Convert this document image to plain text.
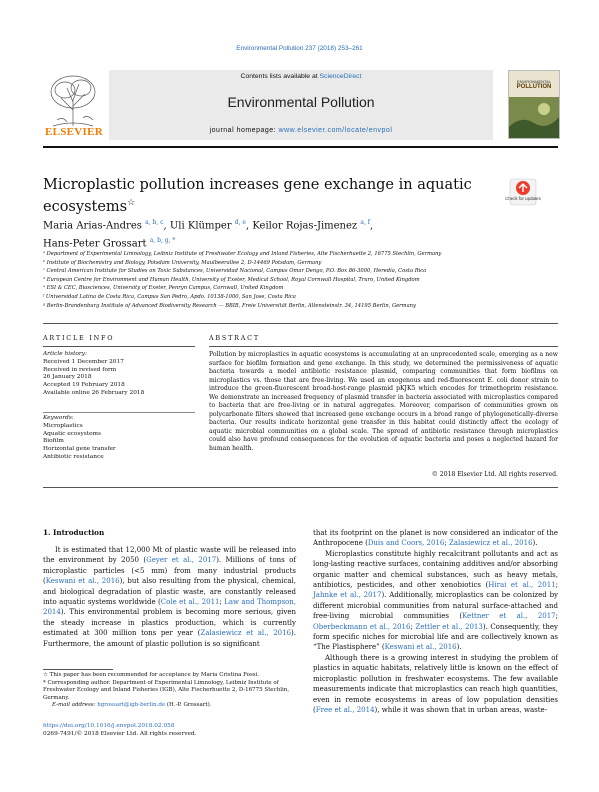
Environmental Pollution 237 (2018) 253–261
ELSEVIER
Contents lists available at ScienceDirect
Environmental Pollution
journal homepage: www.elsevier.com/locate/envpol
ENVIRONMENTAL
POLLUTION
Microplastic pollution increases gene exchange in aquatic
ecosystems☆	Check for updates
Maria Arias-Andres $^{a, b, c}$, Uli Klümper $^{d, e}$, Keilor Rojas-Jimenez $^{a, f}$,
Hans-Peter Grossart $^{a, b, g, *}$
ᵃ Department of Experimental Limnology, Leibniz Institute of Freshwater Ecology and Inland Fisheries, Alte Fischerhuette 2, 16775 Stechlin, Germany
ᵇ Institute of Biochemistry and Biology, Potsdam University, Maulbeerallee 2, D-14469 Potsdam, Germany
ᶜ Central American Institute for Studies on Toxic Substances, Universidad Nacional, Campus Omar Dengo, P.O. Box 86-3000, Heredia, Costa Rica
ᵈ European Centre for Environment and Human Health, University of Exeter, Medical School, Royal Cornwall Hospital, Truro, United Kingdom
ᵉ ESI & CEC, Biosciences, University of Exeter, Penryn Campus, Cornwall, United Kingdom
ᶠ Universidad Latina de Costa Rica, Campus San Pedro, Apdo. 10138-1000, San Jose, Costa Rica
ᵍ Berlin-Brandenburg Institute of Advanced Biodiversity Research — BBIB, Freie Universität Berlin, Altensteinstr. 34, 14195 Berlin, Germany
ARTICLE INFO	ABSTRACT
Article history:
Received 1 December 2017
Received in revised form
26 January 2018
Accepted 19 February 2018
Available online 26 February 2018
Keywords:
Microplastics
Aquatic ecosystems
Biofilm
Horizontal gene transfer
Antibiotic resistance
Pollution by microplastics in aquatic ecosystems is accumulating at an unprecedented scale, emerging as a new surface for biofilm formation and gene exchange. In this study, we determined the permissiveness of aquatic bacteria towards a model antibiotic resistance plasmid, comparing communities that form biofilms on microplastics vs. those that are free-living. We used an exogenous and red-fluorescent E. coli donor strain to introduce the green-fluorescent broad-host-range plasmid pKJK5 which encodes for trimethoprim resistance. We demonstrate an increased frequency of plasmid transfer in bacteria associated with microplastics compared to bacteria that are free-living or in natural aggregates. Moreover, comparison of communities grown on polycarbonate filters showed that increased gene exchange occurs in a broad range of phylogenetically-diverse bacteria. Our results indicate horizontal gene transfer in this habitat could distinctly affect the ecology of aquatic microbial communities on a global scale. The spread of antibiotic resistance through microplastics could also have profound consequences for the evolution of aquatic bacteria and poses a neglected hazard for human health.
© 2018 Elsevier Ltd. All rights reserved.
1. Introduction

It is estimated that 12,000 Mt of plastic waste will be released into the environment by 2050 (Geyer et al., 2017). Millions of tons of microplastic particles (<5 mm) from many industrial products (Keswani et al., 2016), but also resulting from the physical, chemical, and biological degradation of plastic waste, are constantly released into aquatic systems worldwide (Cole et al., 2011; Law and Thompson, 2014). This environmental problem is becoming more serious, given the steady increase in plastics production, which is currently estimated at 300 million tons per year (Zalasiewicz et al., 2016). Furthermore, the amount of plastic pollution is so significant

that its footprint on the planet is now considered an indicator of the Anthropocene (Duis and Coors, 2016; Zalasiewicz et al., 2016).

Microplastics constitute highly recalcitrant pollutants and act as long-lasting reactive surfaces, containing additives and/or absorbing organic matter and chemical substances, such as heavy metals, antibiotics, pesticides, and other xenobiotics (Hirai et al., 2011; Jahnke et al., 2017). Additionally, microplastics can be colonized by different microbial communities from natural surface-attached and free-living microbial communities (Kettner et al., 2017; Oberbeckmann et al., 2016; Zettler et al., 2013). Consequently, they form specific niches for microbial life and are collectively known as “The Plastisphere” (Keswani et al., 2016).

Although there is a growing interest in studying the problem of plastics in aquatic habitats, relatively little is known on the effect of microplastic pollution in freshwater ecosystems. The few available measurements indicate that microplastics can reach high quantities, even in remote ecosystems in areas of low population densities (Free et al., 2014), while it was shown that in urban areas, waste-

☆ This paper has been recommended for acceptance by Maria Cristina Fossi.
* Corresponding author. Department of Experimental Limnology, Leibniz Institute of Freshwater Ecology and Inland Fisheries (IGB), Alte Fischerhuette 2, D-16775 Stechlin, Germany.
E-mail address: hgrossart@igb-berlin.de (H.-P. Grossart).
https://doi.org/10.1016/j.envpol.2018.02.058
0269-7491/© 2018 Elsevier Ltd. All rights reserved.
